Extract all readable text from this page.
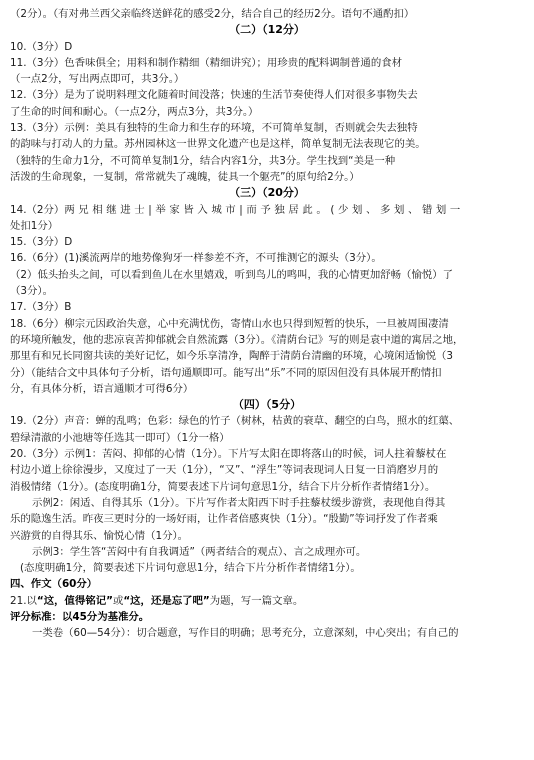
（2分）。（有对弗兰西父亲临终送鲜花的感受2分，结合自己的经历2分。语句不通酌扣）
（二）（12分）
10.（3分）D
11.（3分）色香味俱全；用料和制作精细（精细讲究）；用珍贵的配料调制普通的食材
（一点2分，写出两点即可，共3分。）
12.（3分）是为了说明料理文化随着时间没落；快速的生活节奏使得人们对很多事物失去
了生命的时间和耐心。（一点2分，两点3分，共3分。）
13.（3分）示例：美具有独特的生命力和生存的环境，不可简单复制，否则就会失去独特
的韵味与打动人的力量。苏州园林这一世界文化遗产也是这样，简单复制无法表现它的美。
（独特的生命力1分，不可简单复制1分，结合内容1分，共3分。学生找到“美是一种
活泼的生命现象，一复制，常常就失了魂魄，徒具一个躯壳”的原句给2分。）
（三）（20分）
14.（2分）两兄相继进士|举家皆入城市|而予独居此。(少划、多划、错划一
处扣1分）
15.（3分）D
16.（6分）(1)溪流两岸的地势像狗牙一样参差不齐，不可推测它的源头（3分）。
（2）低头抬头之间，可以看到鱼儿在水里嬉戏，听到鸟儿的鸣叫，我的心情更加舒畅（愉悦）了
（3分）。
17.（3分）B
18.（6分）柳宗元因政治失意，心中充满忧伤，寄情山水也只得到短暂的快乐，一旦被周围凄清
的环境所触发，他的悲凉哀苦抑郁就会自然流露（3分）。《清荫台记》写的则是袁中道的寓居之地，
那里有和兄长同窗共读的美好记忆，如今乐享清净，陶醉于清荫台清幽的环境，心境闲适愉悦（3
分）（能结合文中具体句子分析，语句通顺即可。能写出“乐”不同的原因但没有具体展开酌情扣
分，有具体分析，语言通顺才可得6分）
（四）（5分）
19.（2分）声音：蝉的乱鸣；色彩：绿色的竹子（树林，枯黄的衰草、翻空的白鸟，照水的红蕖、
碧绿清澈的小池塘等任选其一即可）（1分一格）
20.（3分）示例1：苦闷、抑郁的心情（1分）。下片写太阳在即将落山的时候，词人拄着藜杖在
村边小道上徐徐漫步，又度过了一天（1分），“又”、“浮生”等词表现词人日复一日消磨岁月的
消极情绪（1分）。(态度明确1分，简要表述下片词句意思1分，结合下片分析作者情绪1分）。
示例2：闲适、自得其乐（1分）。下片写作者太阳西下时手拄藜杖缓步游赏，表现他自得其
乐的隐逸生活。昨夜三更时分的一场好雨，让作者倍感爽快（1分）。“殷勤”等词抒发了作者乘
兴游赏的自得其乐、愉悦心情（1分）。
示例3：学生答“苦闷中有自我调适”（两者结合的观点）、言之成理亦可。
(态度明确1分，简要表述下片词句意思1分，结合下片分析作者情绪1分）。
四、作文（60分）
21.以“这，值得铭记”或“这，还是忘了吧”为题，写一篇文章。
评分标准：以45分为基准分。
一类卷（60—54分）：切合题意，写作目的明确；思考充分，立意深刻，中心突出；有自己的
